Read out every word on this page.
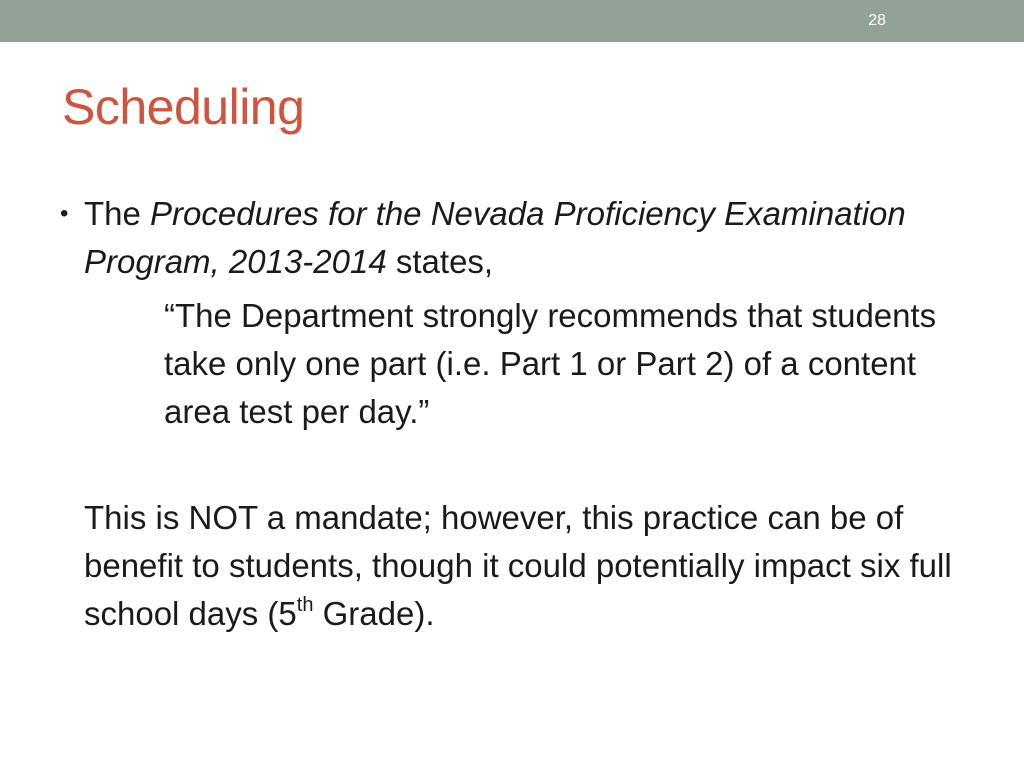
28
Scheduling
• The Procedures for the Nevada Proficiency Examination Program, 2013-2014 states,
“The Department strongly recommends that students take only one part (i.e. Part 1 or Part 2) of a content area test per day.”
This is NOT a mandate; however, this practice can be of benefit to students, though it could potentially impact six full school days (5th Grade).
